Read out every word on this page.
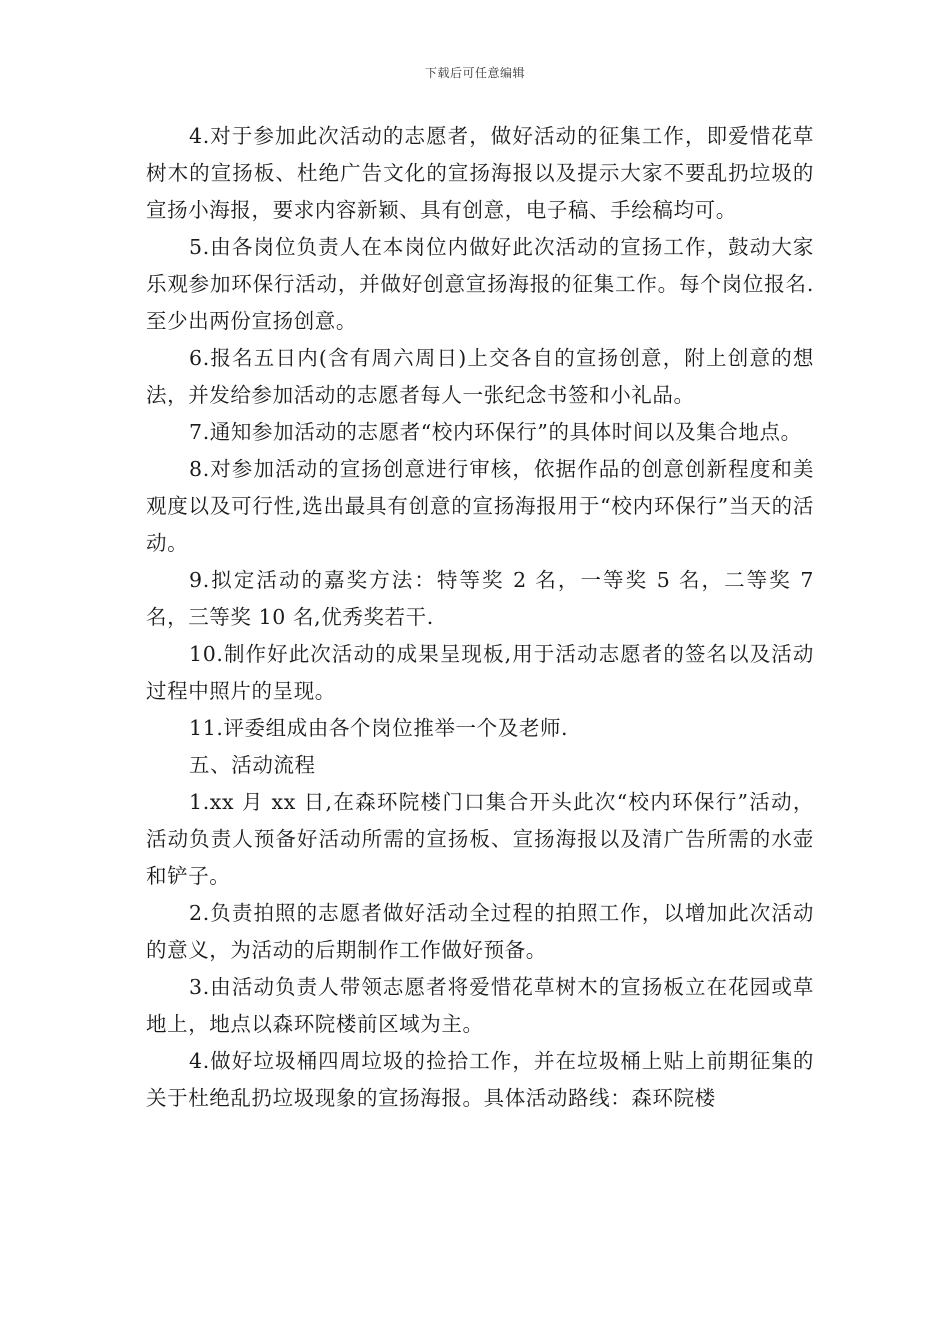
下载后可任意编辑

4.对于参加此次活动的志愿者，做好活动的征集工作，即爱惜花草树木的宣扬板、杜绝广告文化的宣扬海报以及提示大家不要乱扔垃圾的宣扬小海报，要求内容新颖、具有创意，电子稿、手绘稿均可。

5.由各岗位负责人在本岗位内做好此次活动的宣扬工作，鼓动大家乐观参加环保行活动，并做好创意宣扬海报的征集工作。每个岗位报名.至少出两份宣扬创意。

6.报名五日内(含有周六周日)上交各自的宣扬创意，附上创意的想法，并发给参加活动的志愿者每人一张纪念书签和小礼品。

7.通知参加活动的志愿者“校内环保行”的具体时间以及集合地点。

8.对参加活动的宣扬创意进行审核，依据作品的创意创新程度和美观度以及可行性,选出最具有创意的宣扬海报用于“校内环保行”当天的活动。

9.拟定活动的嘉奖方法：特等奖 2 名，一等奖 5 名，二等奖 7 名，三等奖 10 名,优秀奖若干.

10.制作好此次活动的成果呈现板,用于活动志愿者的签名以及活动过程中照片的呈现。

11.评委组成由各个岗位推举一个及老师.

五、活动流程

1.xx 月 xx 日,在森环院楼门口集合开头此次“校内环保行”活动，活动负责人预备好活动所需的宣扬板、宣扬海报以及清广告所需的水壶和铲子。

2.负责拍照的志愿者做好活动全过程的拍照工作，以增加此次活动的意义，为活动的后期制作工作做好预备。

3.由活动负责人带领志愿者将爱惜花草树木的宣扬板立在花园或草地上，地点以森环院楼前区域为主。

4.做好垃圾桶四周垃圾的捡拾工作，并在垃圾桶上贴上前期征集的关于杜绝乱扔垃圾现象的宣扬海报。具体活动路线：森环院楼
